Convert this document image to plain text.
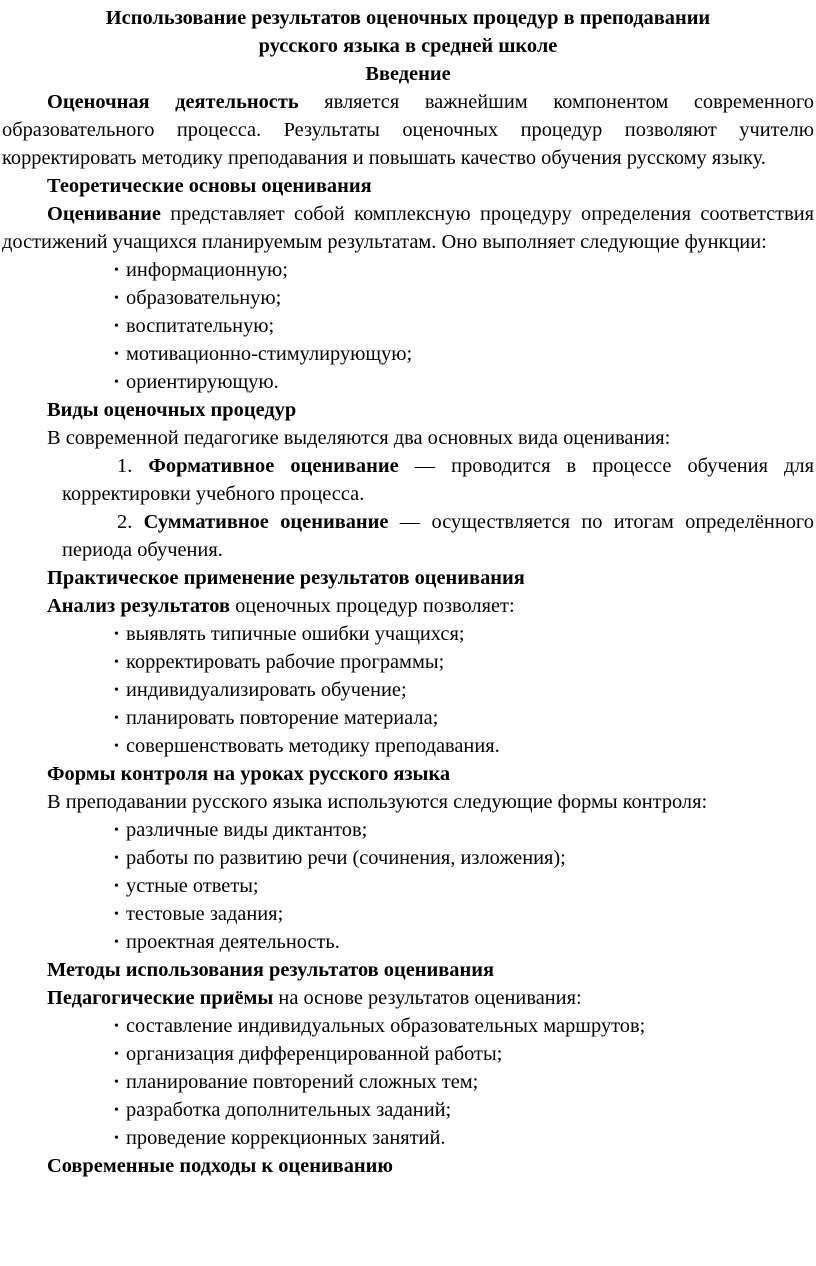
Использование результатов оценочных процедур в преподавании
русского языка в средней школе
Введение

Оценочная деятельность является важнейшим компонентом современного образовательного процесса. Результаты оценочных процедур позволяют учителю корректировать методику преподавания и повышать качество обучения русскому языку.

Теоретические основы оценивания

Оценивание представляет собой комплексную процедуру определения соответствия достижений учащихся планируемым результатам. Оно выполняет следующие функции:

• информационную;
• образовательную;
• воспитательную;
• мотивационно-стимулирующую;
• ориентирующую.

Виды оценочных процедур

В современной педагогике выделяются два основных вида оценивания:

1. Формативное оценивание — проводится в процессе обучения для корректировки учебного процесса.
2. Суммативное оценивание — осуществляется по итогам определённого периода обучения.

Практическое применение результатов оценивания

Анализ результатов оценочных процедур позволяет:

• выявлять типичные ошибки учащихся;
• корректировать рабочие программы;
• индивидуализировать обучение;
• планировать повторение материала;
• совершенствовать методику преподавания.

Формы контроля на уроках русского языка

В преподавании русского языка используются следующие формы контроля:

• различные виды диктантов;
• работы по развитию речи (сочинения, изложения);
• устные ответы;
• тестовые задания;
• проектная деятельность.

Методы использования результатов оценивания

Педагогические приёмы на основе результатов оценивания:

• составление индивидуальных образовательных маршрутов;
• организация дифференцированной работы;
• планирование повторений сложных тем;
• разработка дополнительных заданий;
• проведение коррекционных занятий.

Современные подходы к оцениванию
